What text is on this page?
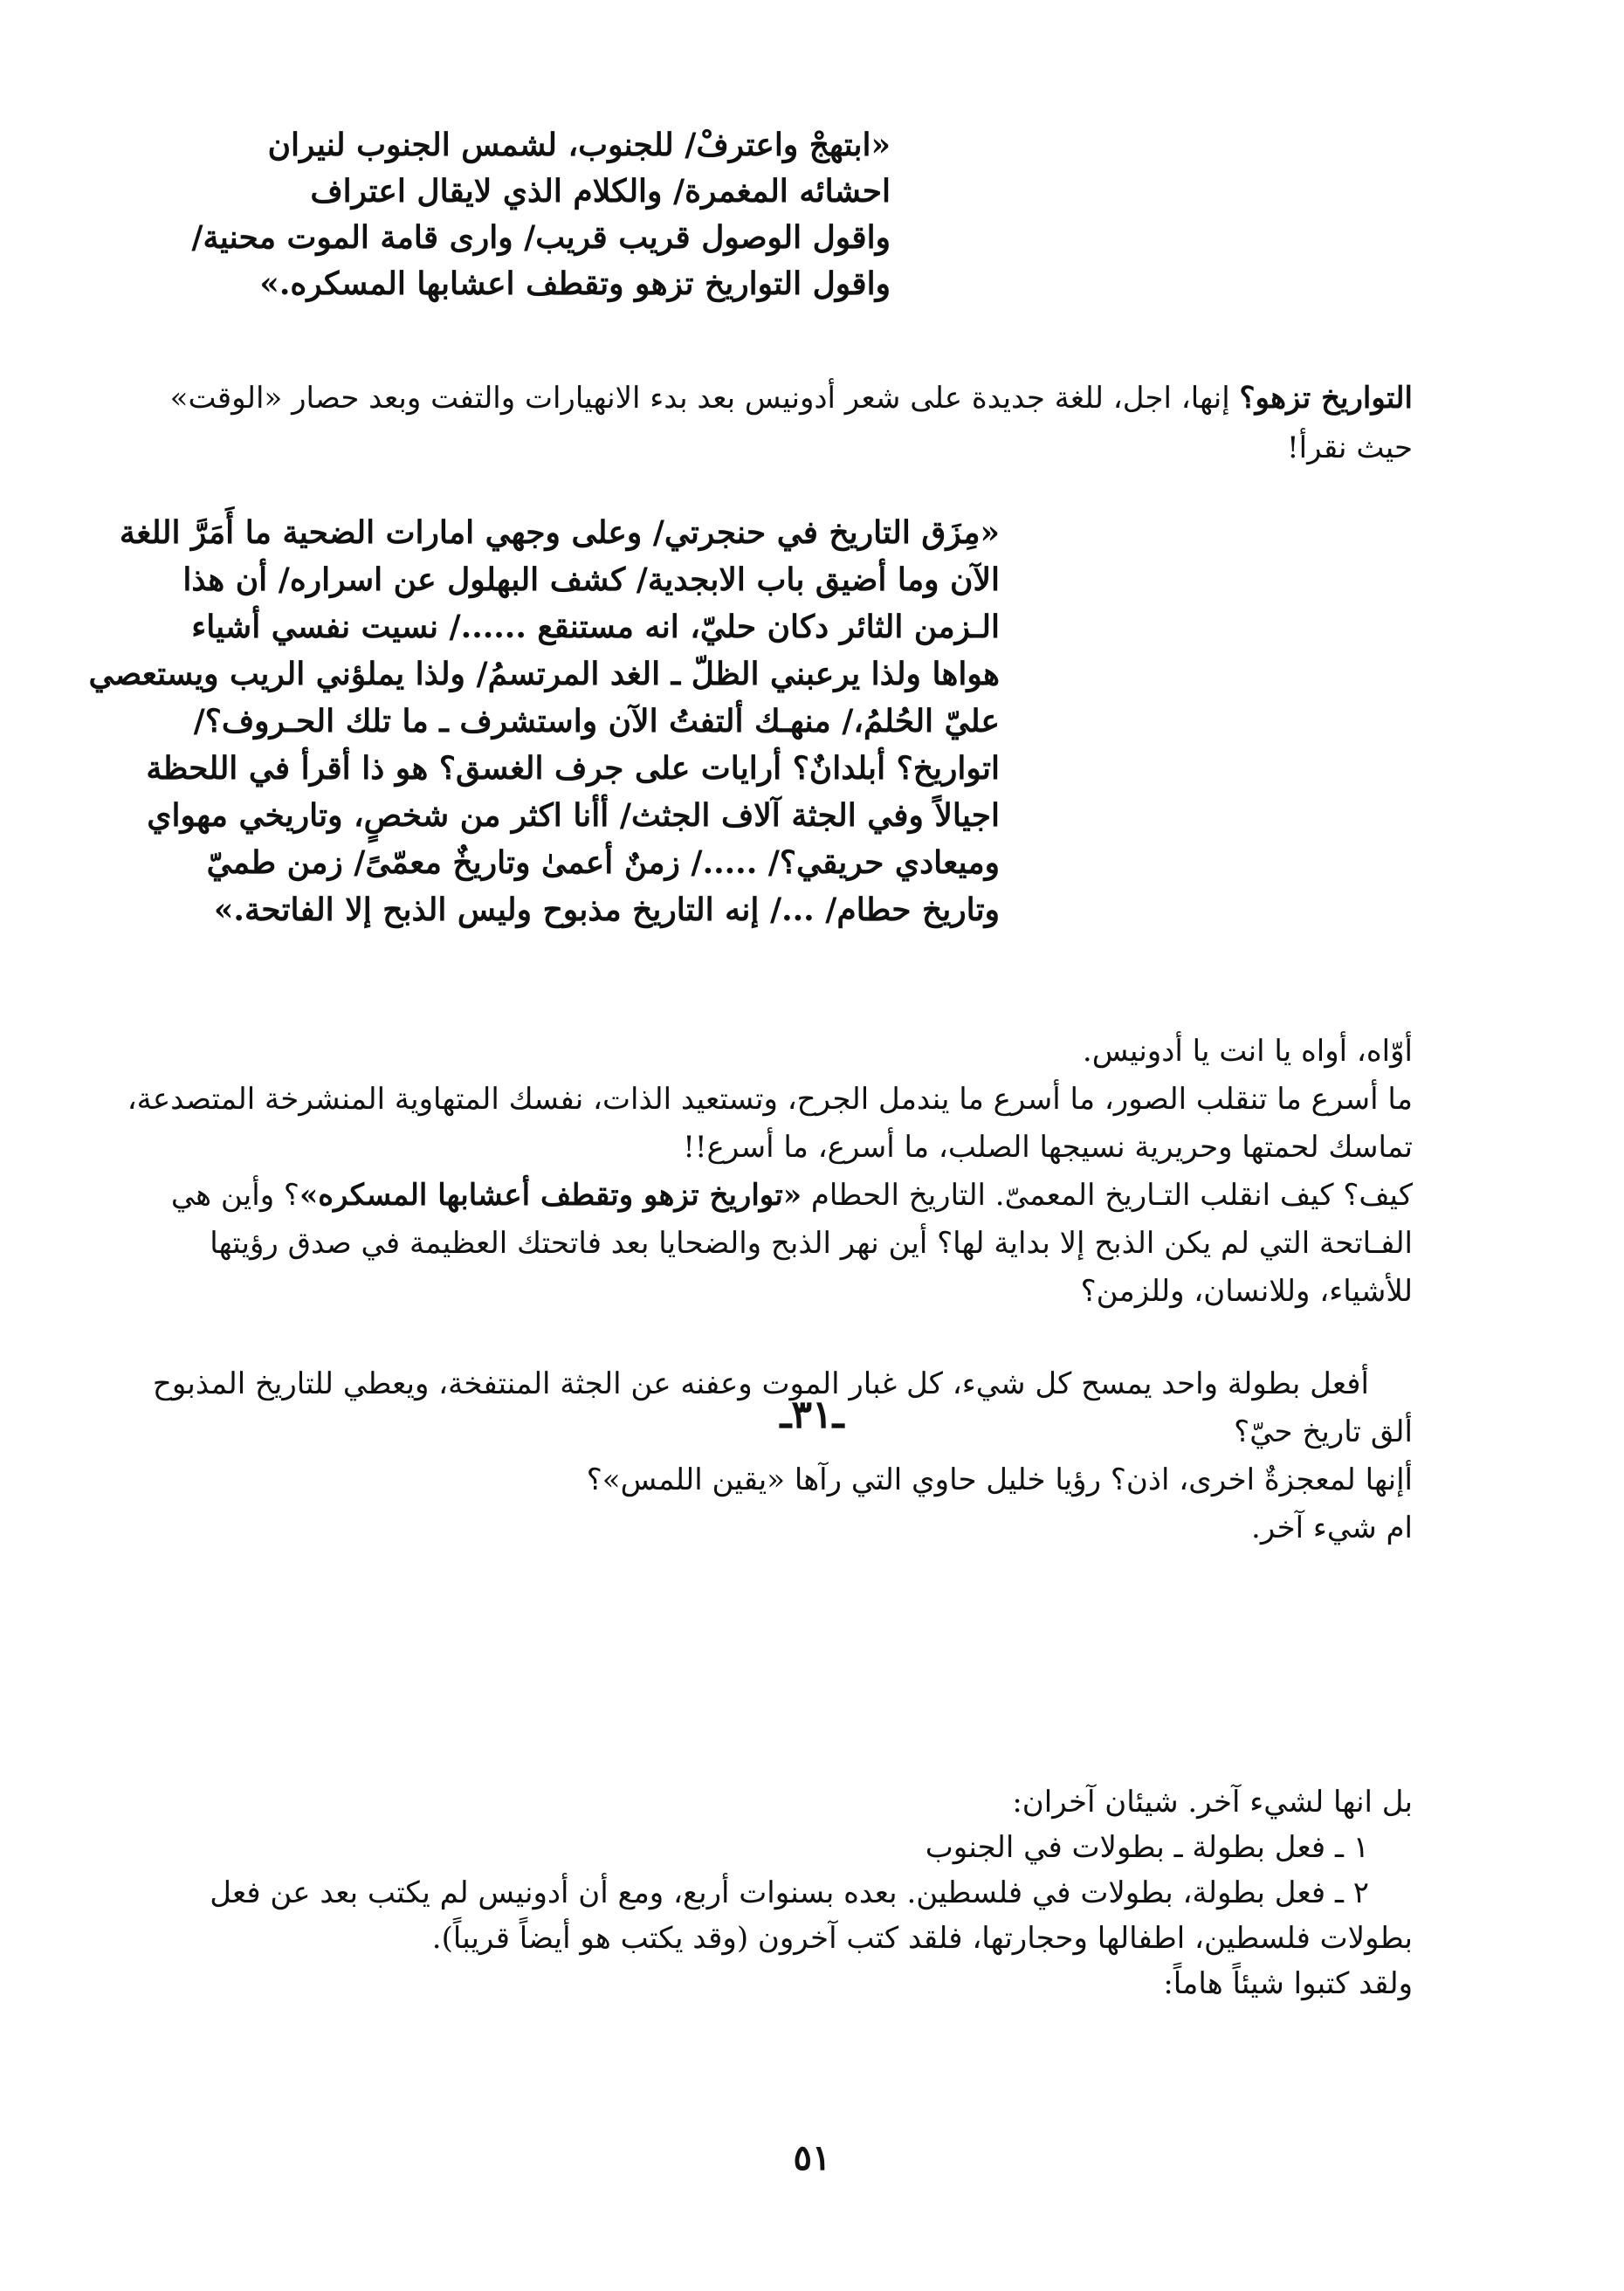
«ابتهجْ واعترفْ/ للجنوب، لشمس الجنوب لنيران
احشائه المغمرة/ والكلام الذي لايقال اعتراف
واقول الوصول قريب قريب/ وارى قامة الموت محنية/
واقول التواريخ تزهو وتقطف اعشابها المسكره.»
التواريخ تزهو؟ إنها، اجل، للغة جديدة على شعر أدونيس بعد بدء الانهيارات والتفت وبعد حصار «الوقت»
حيث نقرأ!
«مِزَق التاريخ في حنجرتي/ وعلى وجهي امارات الضحية ما أَمَرَّ اللغة
الآن وما أضيق باب الابجدية/ كشف البهلول عن اسراره/ أن هذا
الـزمن الثائر دكان حليّ، انه مستنقع ....../ نسيت نفسي أشياء
هواها ولذا يرعبني الظلّ ـ الغد المرتسمُ/ ولذا يملؤني الريب ويستعصي
عليّ الحُلمُ،/ منهـك ألتفتُ الآن واستشرف ـ ما تلك الحـروف؟/
اتواريخ؟ أبلدانٌ؟ أرايات على جرف الغسق؟ هو ذا أقرأ في اللحظة
اجيالاً وفي الجثة آلاف الجثث/ أأنا اكثر من شخصٍ، وتاريخي مهواي
وميعادي حريقي؟/ ...../ زمنٌ أعمىٰ وتاريخٌ معمّىً/ زمن طميّ
وتاريخ حطام/ .../ إنه التاريخ مذبوح وليس الذبح إلا الفاتحة.»
أوّاه، أواه يا انت يا أدونيس.
ما أسرع ما تنقلب الصور، ما أسرع ما يندمل الجرح، وتستعيد الذات، نفسك المتهاوية المنشرخة المتصدعة،
تماسك لحمتها وحريرية نسيجها الصلب، ما أسرع، ما أسرع!!
كيف؟ كيف انقلب التـاريخ المعمىّ. التاريخ الحطام «تواريخ تزهو وتقطف أعشابها المسكره»؟ وأين هي
الفـاتحة التي لم يكن الذبح إلا بداية لها؟ أين نهر الذبح والضحايا بعد فاتحتك العظيمة في صدق رؤيتها
للأشياء، وللانسان، وللزمن؟
أفعل بطولة واحد يمسح كل شيء، كل غبار الموت وعفنه عن الجثة المنتفخة، ويعطي للتاريخ المذبوح
ألق تاريخ حيّ؟
أإنها لمعجزةٌ اخرى، اذن؟ رؤيا خليل حاوي التي رآها «يقين اللمس»؟
ام شيء آخر.
ـ٣١ـ
بل انها لشيء آخر. شيئان آخران:
١ ـ فعل بطولة ـ بطولات في الجنوب
٢ ـ فعل بطولة، بطولات في فلسطين. بعده بسنوات أربع، ومع أن أدونيس لم يكتب بعد عن فعل
بطولات فلسطين، اطفالها وحجارتها، فلقد كتب آخرون (وقد يكتب هو أيضاً قريباً).
ولقد كتبوا شيئاً هاماً:
٥١
